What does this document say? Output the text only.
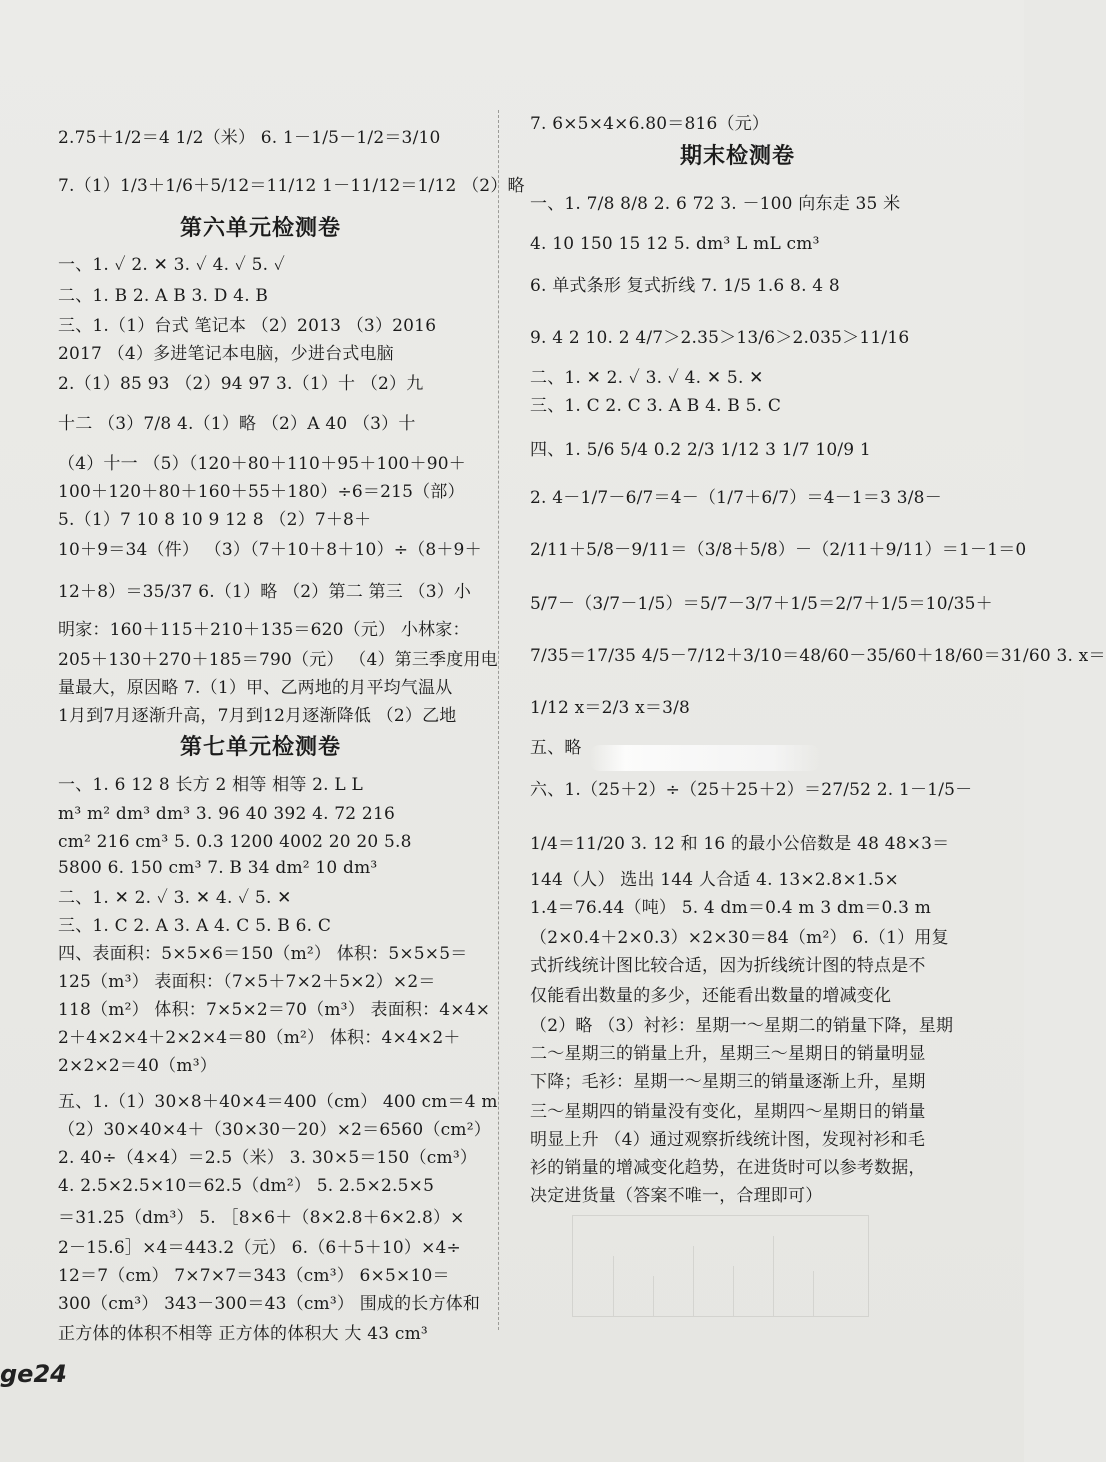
2.75＋1/2＝4 1/2（米） 6. 1－1/5－1/2＝3/10
7.（1）1/3＋1/6＋5/12＝11/12 1－11/12＝1/12 （2）略
第六单元检测卷
一、1. ✓ 2. ✕ 3. ✓ 4. ✓ 5. ✓
二、1. B 2. A B 3. D 4. B
三、1.（1）台式 笔记本 （2）2013 （3）2016
2017 （4）多进笔记本电脑，少进台式电脑
2.（1）85 93 （2）94 97 3.（1）十 （2）九
十二 （3）7/8 4.（1）略 （2）A 40 （3）十
（4）十一 （5）（120＋80＋110＋95＋100＋90＋
100＋120＋80＋160＋55＋180）÷6＝215（部）
5.（1）7 10 8 10 9 12 8 （2）7＋8＋
10＋9＝34（件） （3）（7＋10＋8＋10）÷（8＋9＋
12＋8）＝35/37 6.（1）略 （2）第二 第三 （3）小
明家：160＋115＋210＋135＝620（元） 小林家：
205＋130＋270＋185＝790（元） （4）第三季度用电
量最大，原因略 7.（1）甲、乙两地的月平均气温从
1月到7月逐渐升高，7月到12月逐渐降低 （2）乙地
第七单元检测卷
一、1. 6 12 8 长方 2 相等 相等 2. L L
m³ m² dm³ dm³ 3. 96 40 392 4. 72 216
cm² 216 cm³ 5. 0.3 1200 4002 20 20 5.8
5800 6. 150 cm³ 7. B 34 dm² 10 dm³
二、1. ✕ 2. ✓ 3. ✕ 4. ✓ 5. ✕
三、1. C 2. A 3. A 4. C 5. B 6. C
四、表面积：5×5×6＝150（m²） 体积：5×5×5＝
125（m³） 表面积：（7×5＋7×2＋5×2）×2＝
118（m²） 体积：7×5×2＝70（m³） 表面积：4×4×
2＋4×2×4＋2×2×4＝80（m²） 体积：4×4×2＋
2×2×2＝40（m³）
五、1.（1）30×8＋40×4＝400（cm） 400 cm＝4 m
（2）30×40×4＋（30×30－20）×2＝6560（cm²）
2. 40÷（4×4）＝2.5（米） 3. 30×5＝150（cm³）
4. 2.5×2.5×10＝62.5（dm²） 5. 2.5×2.5×5
＝31.25（dm³） 5. ［8×6＋（8×2.8＋6×2.8）×
2－15.6］×4＝443.2（元） 6.（6＋5＋10）×4÷
12＝7（cm） 7×7×7＝343（cm³） 6×5×10＝
300（cm³） 343－300＝43（cm³） 围成的长方体和
正方体的体积不相等 正方体的体积大 大 43 cm³
7. 6×5×4×6.80＝816（元）
期末检测卷
一、1. 7/8 8/8 2. 6 72 3. －100 向东走 35 米
4. 10 150 15 12 5. dm³ L mL cm³
6. 单式条形 复式折线 7. 1/5 1.6 8. 4 8
9. 4 2 10. 2 4/7＞2.35＞13/6＞2.035＞11/16
二、1. ✕ 2. ✓ 3. ✓ 4. ✕ 5. ✕
三、1. C 2. C 3. A B 4. B 5. C
四、1. 5/6 5/4 0.2 2/3 1/12 3 1/7 10/9 1
2. 4－1/7－6/7＝4－（1/7＋6/7）＝4－1＝3 3/8－
2/11＋5/8－9/11＝（3/8＋5/8）－（2/11＋9/11）＝1－1＝0
5/7－（3/7－1/5）＝5/7－3/7＋1/5＝2/7＋1/5＝10/35＋
7/35＝17/35 4/5－7/12＋3/10＝48/60－35/60＋18/60＝31/60 3. x＝
1/12 x＝2/3 x＝3/8
五、略
六、1.（25＋2）÷（25＋25＋2）＝27/52 2. 1－1/5－
1/4＝11/20 3. 12 和 16 的最小公倍数是 48 48×3＝
144（人） 选出 144 人合适 4. 13×2.8×1.5×
1.4＝76.44（吨） 5. 4 dm＝0.4 m 3 dm＝0.3 m
（2×0.4＋2×0.3）×2×30＝84（m²） 6.（1）用复
式折线统计图比较合适，因为折线统计图的特点是不
仅能看出数量的多少，还能看出数量的增减变化
（2）略 （3）衬衫：星期一～星期二的销量下降，星期
二～星期三的销量上升，星期三～星期日的销量明显
下降；毛衫：星期一～星期三的销量逐渐上升，星期
三～星期四的销量没有变化，星期四～星期日的销量
明显上升 （4）通过观察折线统计图，发现衬衫和毛
衫的销量的增减变化趋势，在进货时可以参考数据，
决定进货量（答案不唯一，合理即可）
ge24
